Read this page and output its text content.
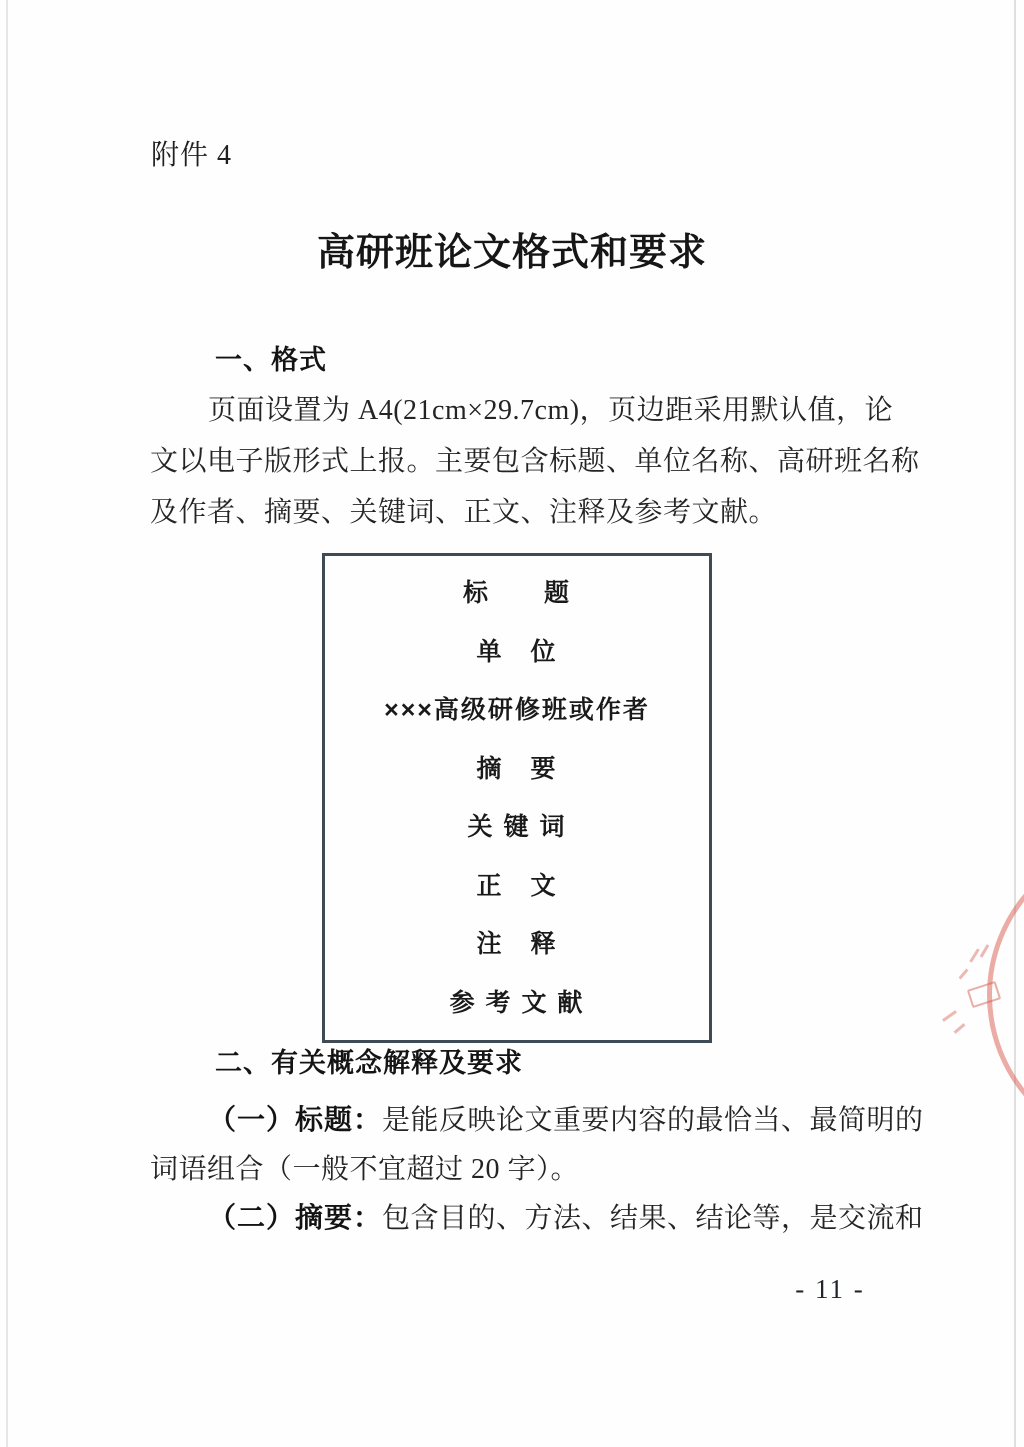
附件 4
高研班论文格式和要求
一、格式
页面设置为 A4(21cm×29.7cm)，页边距采用默认值，论
文以电子版形式上报。主要包含标题、单位名称、高研班名称
及作者、摘要、关键词、正文、注释及参考文献。
标　　题
单　位
×××高级研修班或作者
摘　要
关 键 词
正　文
注　释
参 考 文 献
二、有关概念解释及要求
（一）标题：是能反映论文重要内容的最恰当、最简明的
词语组合（一般不宜超过 20 字）。
（二）摘要：包含目的、方法、结果、结论等，是交流和
- 11 -
